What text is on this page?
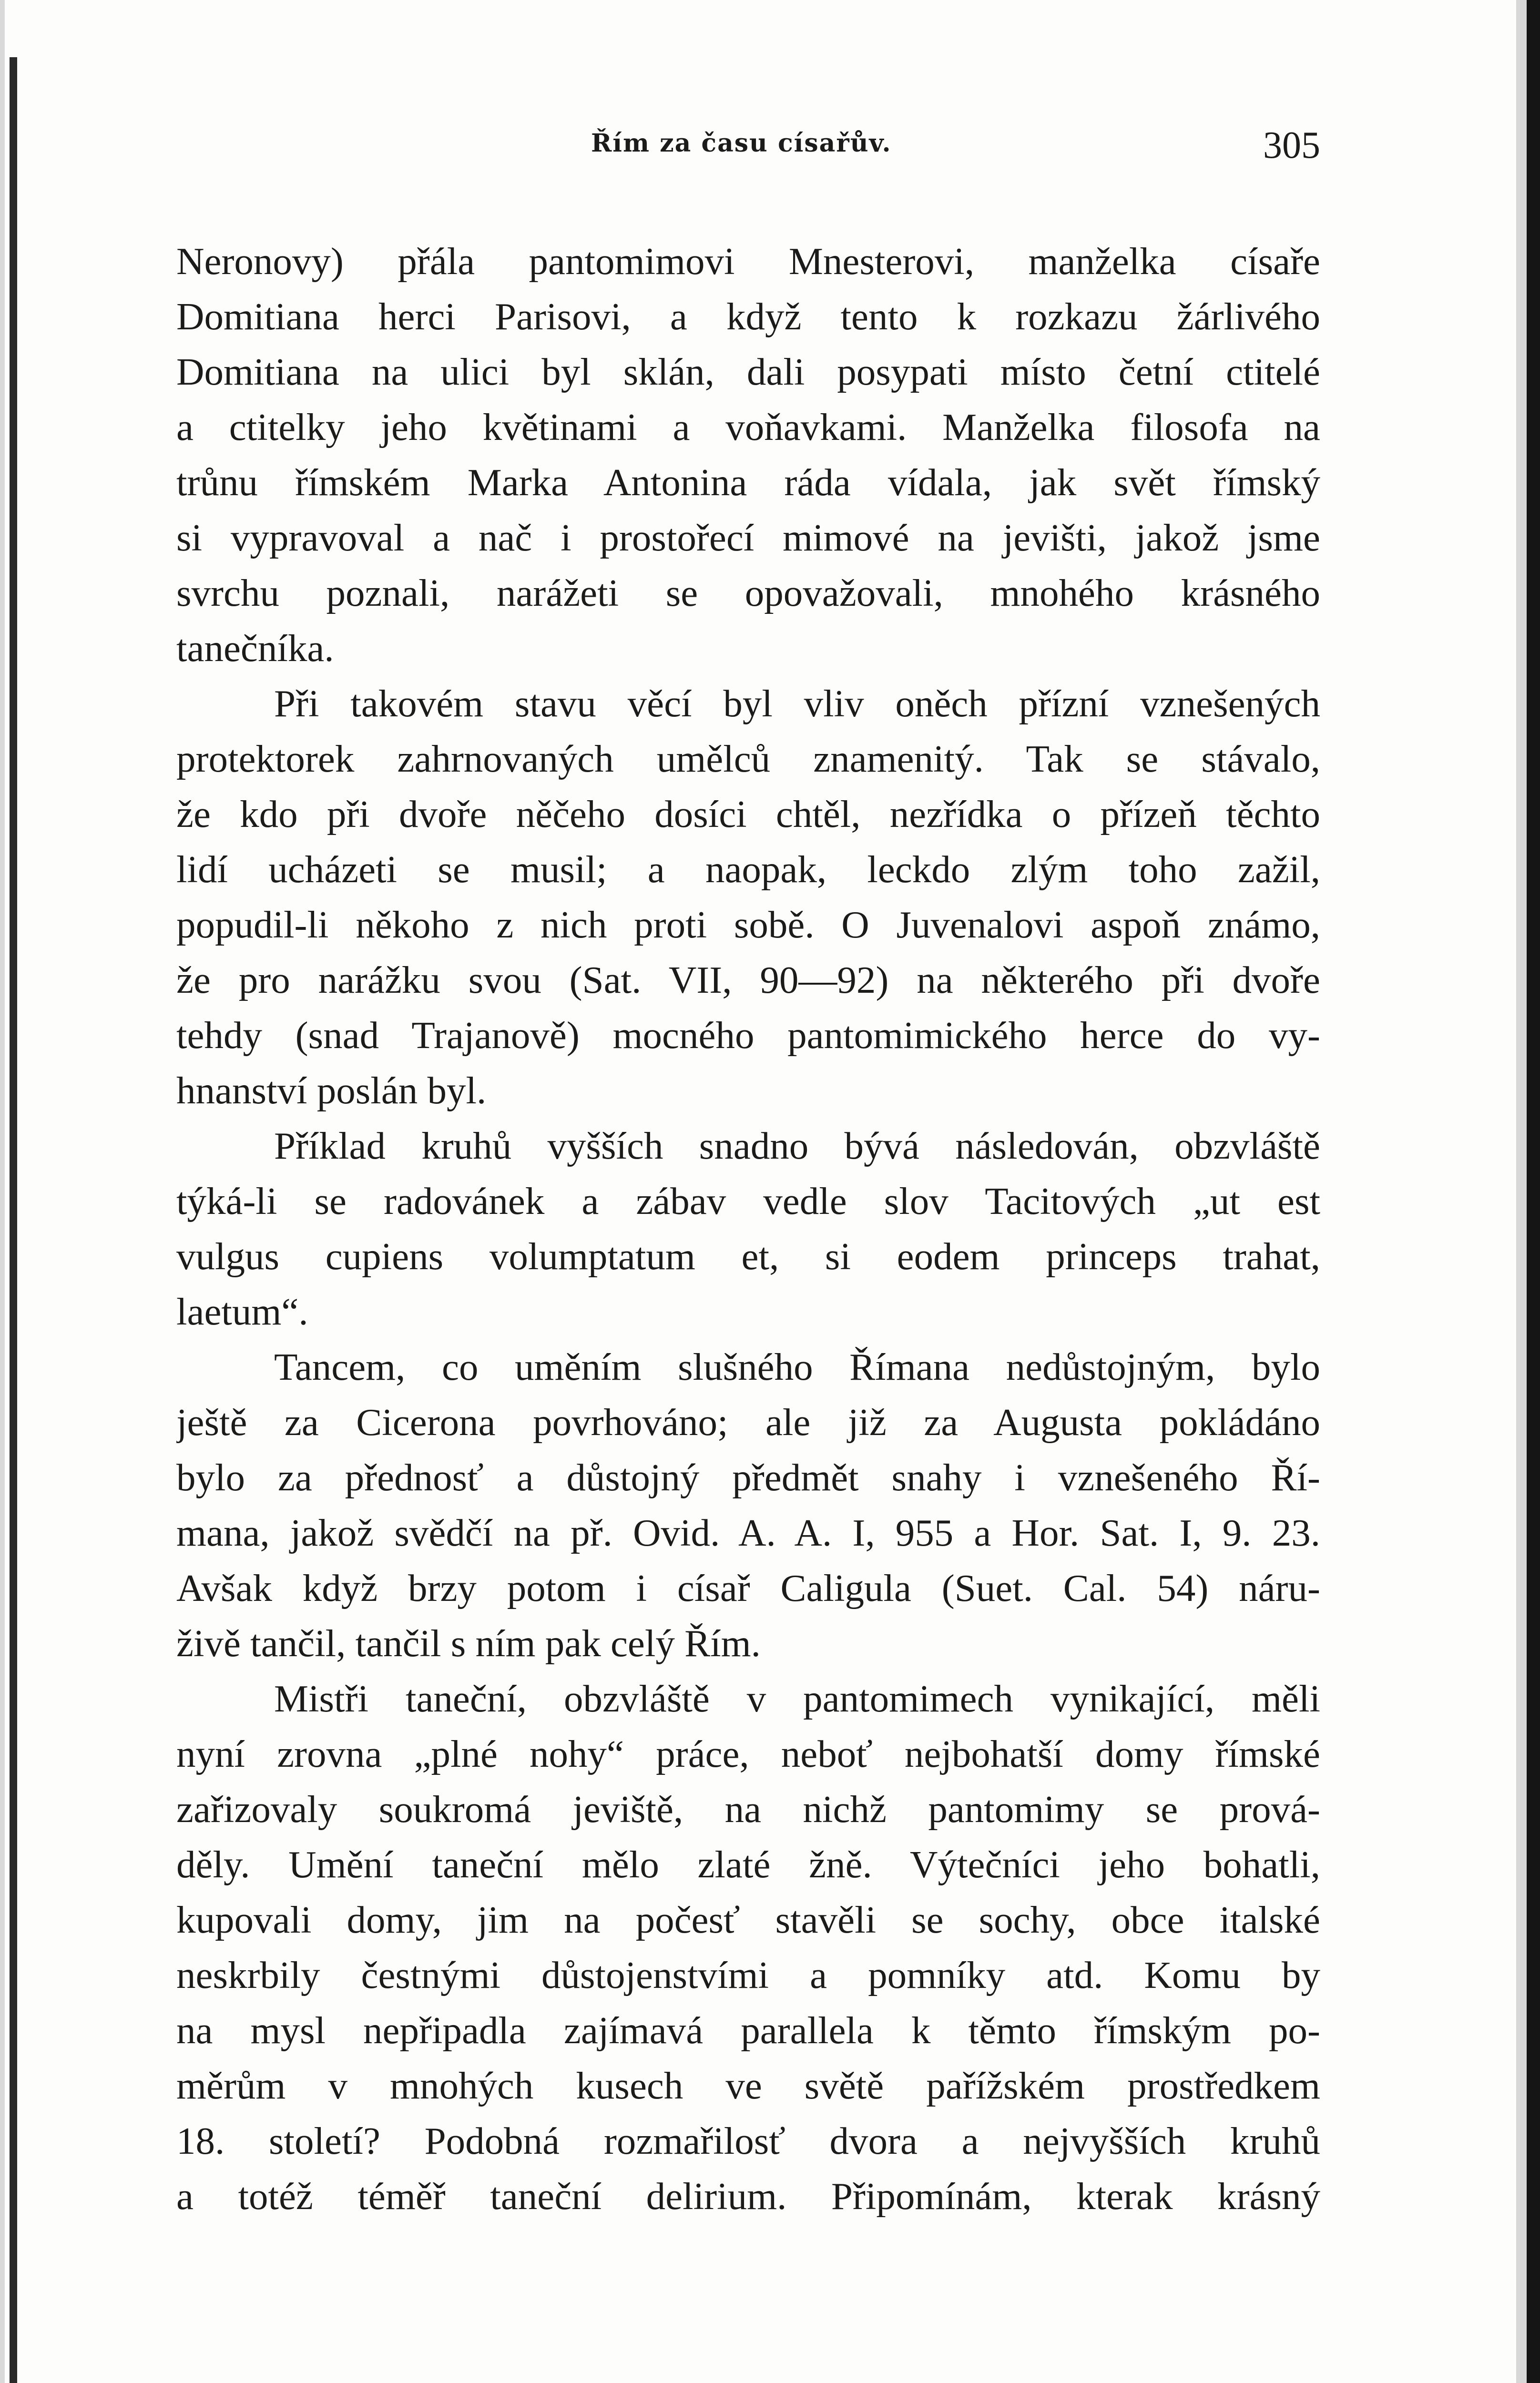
Řím za času císařův.	305
Neronovy) přála pantomimovi Mnesterovi, manželka císaře
Domitiana herci Parisovi, a když tento k rozkazu žárlivého
Domitiana na ulici byl sklán, dali posypati místo četní ctitelé
a ctitelky jeho květinami a voňavkami. Manželka filosofa na
trůnu římském Marka Antonina ráda vídala, jak svět římský
si vypravoval a nač i prostořecí mimové na jevišti, jakož jsme
svrchu poznali, narážeti se opovažovali, mnohého krásného
tanečníka.
Při takovém stavu věcí byl vliv oněch přízní vznešených
protektorek zahrnovaných umělců znamenitý. Tak se stávalo,
že kdo při dvoře něčeho dosíci chtěl, nezřídka o přízeň těchto
lidí ucházeti se musil; a naopak, leckdo zlým toho zažil,
popudil-li někoho z nich proti sobě. O Juvenalovi aspoň známo,
že pro narážku svou (Sat. VII, 90—92) na některého při dvoře
tehdy (snad Trajanově) mocného pantomimického herce do vy-
hnanství poslán byl.
Příklad kruhů vyšších snadno bývá následován, obzvláště
týká-li se radovánek a zábav vedle slov Tacitových „ut est
vulgus cupiens volumptatum et, si eodem princeps trahat,
laetum“.
Tancem, co uměním slušného Římana nedůstojným, bylo
ještě za Cicerona povrhováno; ale již za Augusta pokládáno
bylo za přednosť a důstojný předmět snahy i vznešeného Ří-
mana, jakož svědčí na př. Ovid. A. A. I, 955 a Hor. Sat. I, 9. 23.
Avšak když brzy potom i císař Caligula (Suet. Cal. 54) náru-
živě tančil, tančil s ním pak celý Řím.
Mistři taneční, obzvláště v pantomimech vynikající, měli
nyní zrovna „plné nohy“ práce, neboť nejbohatší domy římské
zařizovaly soukromá jeviště, na nichž pantomimy se prová-
děly. Umění taneční mělo zlaté žně. Výtečníci jeho bohatli,
kupovali domy, jim na počesť stavěli se sochy, obce italské
neskrbily čestnými důstojenstvími a pomníky atd. Komu by
na mysl nepřipadla zajímavá parallela k těmto římským po-
měrům v mnohých kusech ve světě pařížském prostředkem
18. století? Podobná rozmařilosť dvora a nejvyšších kruhů
a totéž téměř taneční delirium. Připomínám, kterak krásný
